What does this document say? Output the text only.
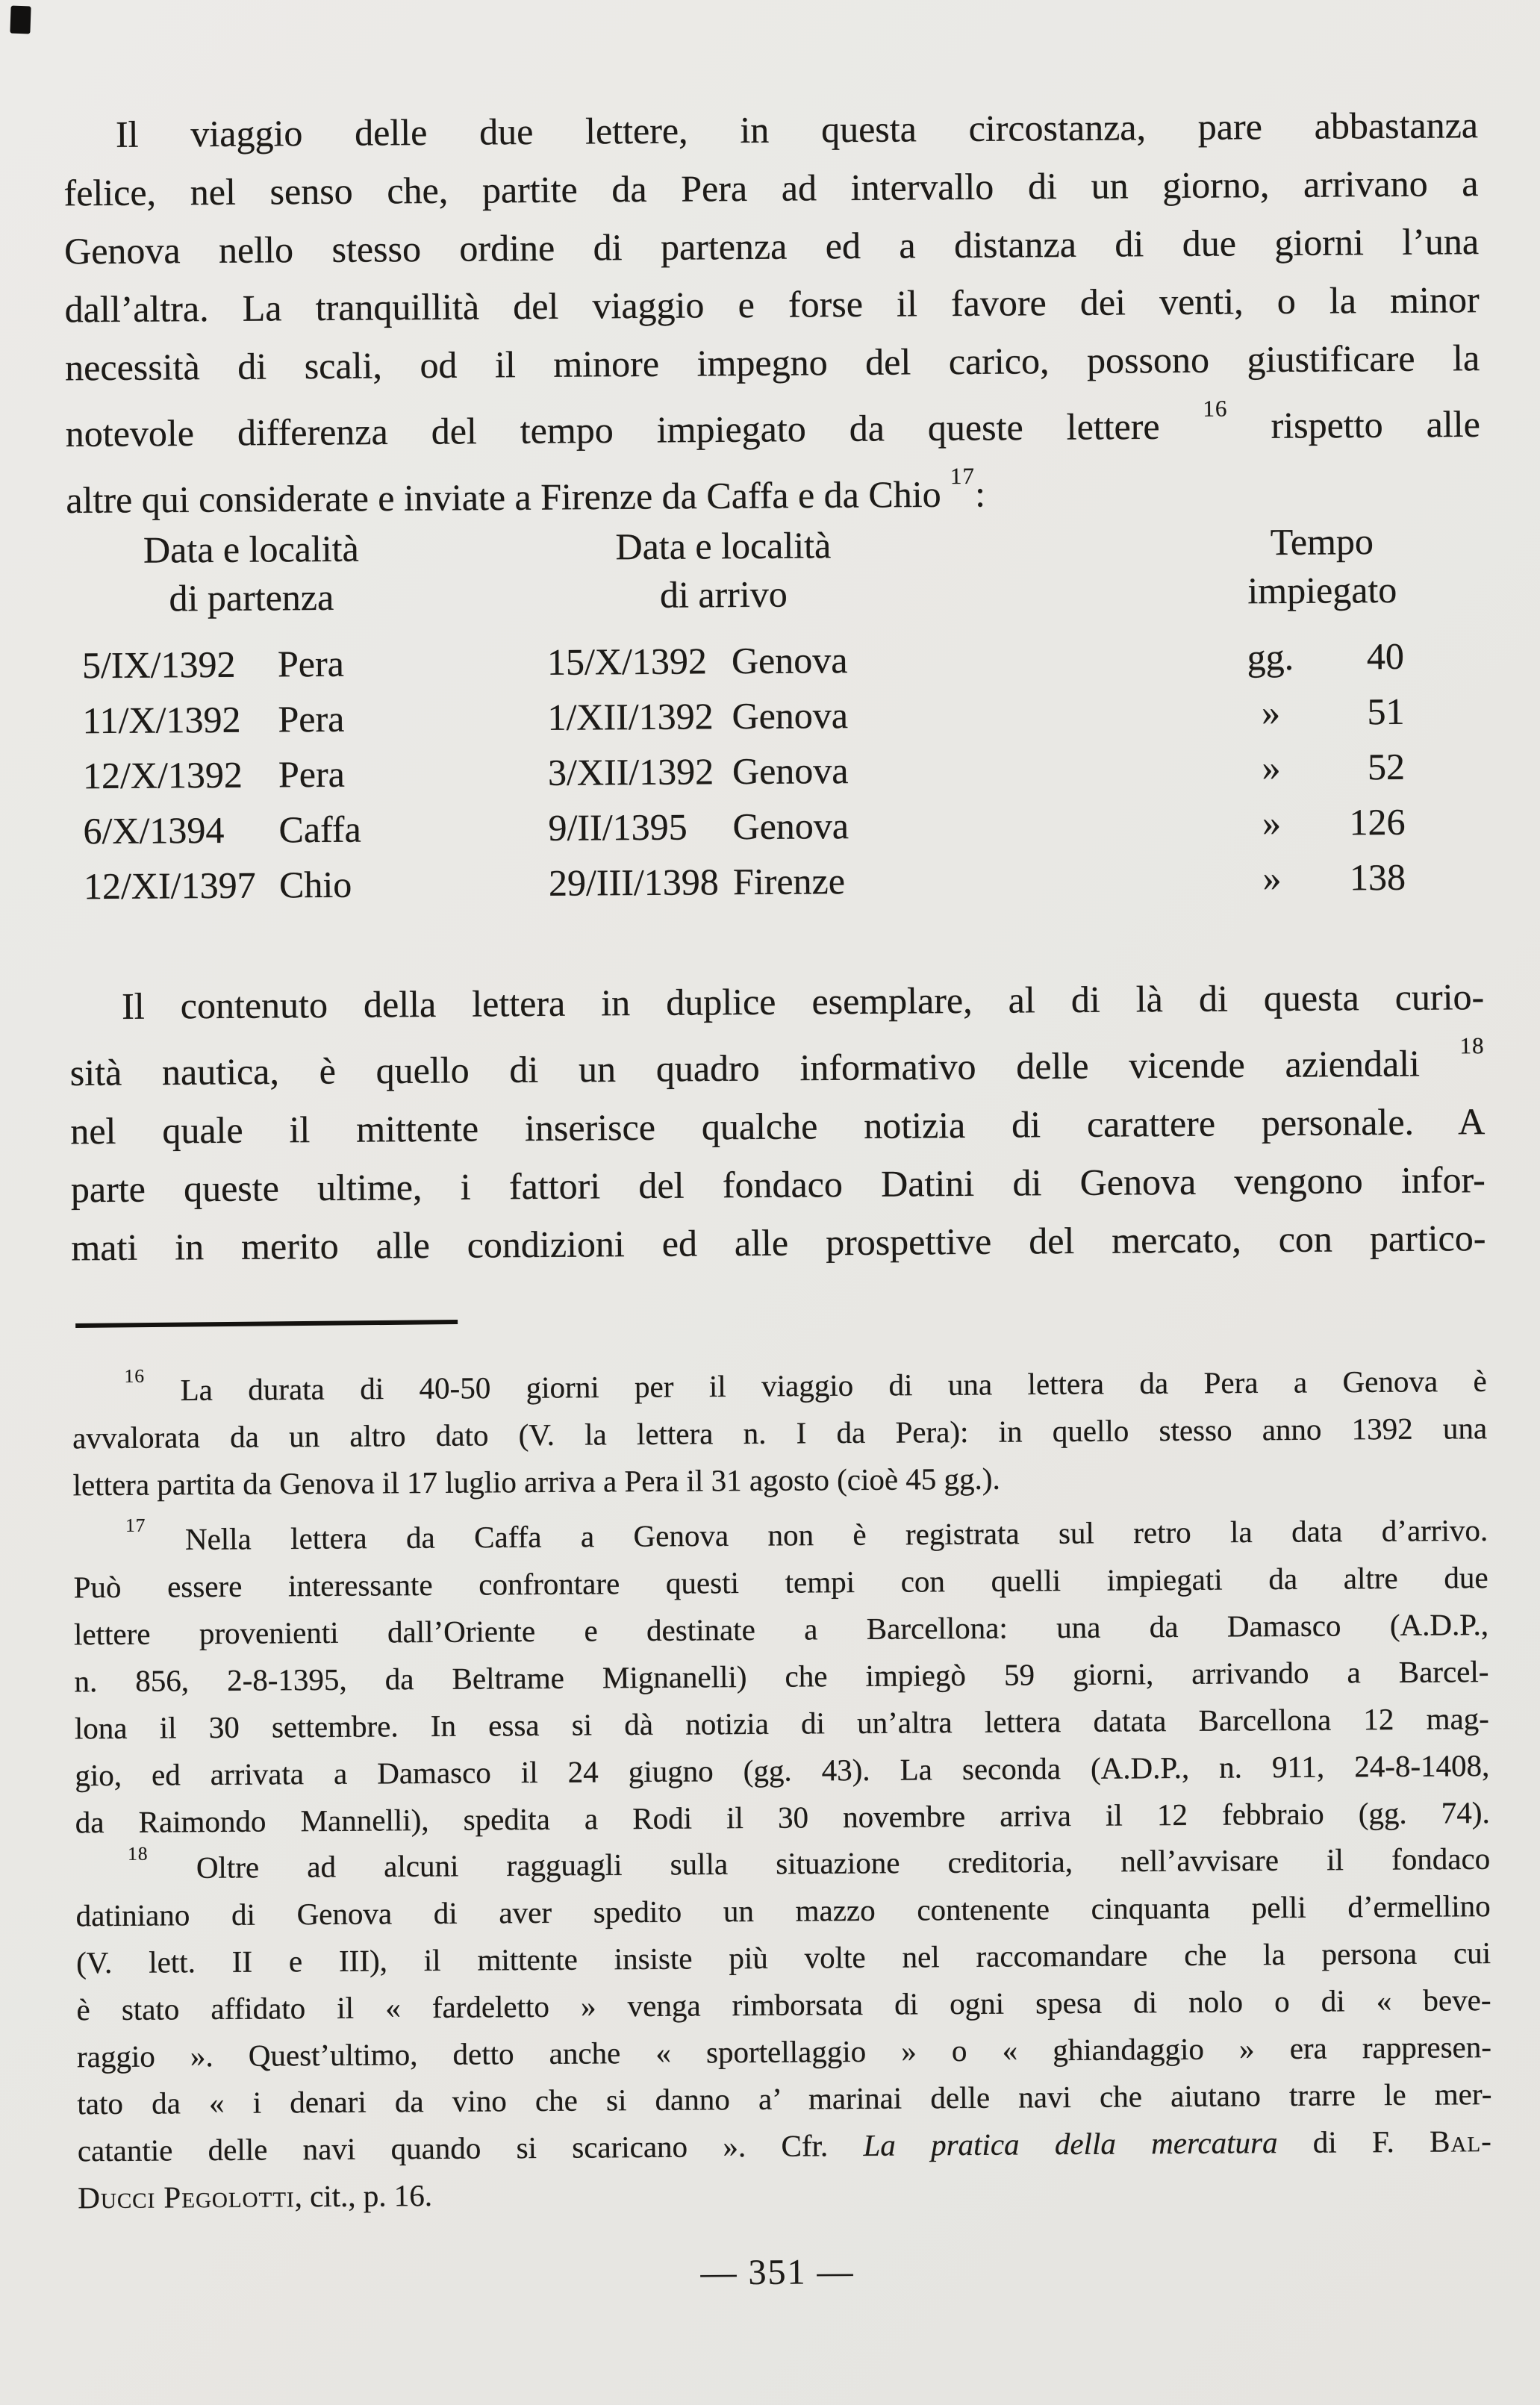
Il viaggio delle due lettere, in questa circostanza, pare abbastanza
felice, nel senso che, partite da Pera ad intervallo di un giorno, arrivano a
Genova nello stesso ordine di partenza ed a distanza di due giorni l’una
dall’altra. La tranquillità del viaggio e forse il favore dei venti, o la minor
necessità di scali, od il minore impegno del carico, possono giustificare la
notevole differenza del tempo impiegato da queste lettere $^{16}$ rispetto alle
altre qui considerate e inviate a Firenze da Caffa e da Chio $^{17}$:
Data e località
di partenza
Data e località
di arrivo
Tempo
impiegato
5/IX/1392 Pera	15/X/1392 Genova	gg.	40
11/X/1392 Pera	1/XII/1392 Genova	»	51
12/X/1392 Pera	3/XII/1392 Genova	»	52
6/X/1394 Caffa	9/II/1395 Genova	»	126
12/XI/1397 Chio	29/III/1398 Firenze	»	138
Il contenuto della lettera in duplice esemplare, al di là di questa curio-
sità nautica, è quello di un quadro informativo delle vicende aziendali $^{18}$
nel quale il mittente inserisce qualche notizia di carattere personale. A
parte queste ultime, i fattori del fondaco Datini di Genova vengono infor-
mati in merito alle condizioni ed alle prospettive del mercato, con partico-
$^{16}$ La durata di 40-50 giorni per il viaggio di una lettera da Pera a Genova è
avvalorata da un altro dato (V. la lettera n. I da Pera): in quello stesso anno 1392 una
lettera partita da Genova il 17 luglio arriva a Pera il 31 agosto (cioè 45 gg.).
$^{17}$ Nella lettera da Caffa a Genova non è registrata sul retro la data d’arrivo.
Può essere interessante confrontare questi tempi con quelli impiegati da altre due
lettere provenienti dall’Oriente e destinate a Barcellona: una da Damasco (A.D.P.,
n. 856, 2-8-1395, da Beltrame Mignanelli) che impiegò 59 giorni, arrivando a Barcel-
lona il 30 settembre. In essa si dà notizia di un’altra lettera datata Barcellona 12 mag-
gio, ed arrivata a Damasco il 24 giugno (gg. 43). La seconda (A.D.P., n. 911, 24-8-1408,
da Raimondo Mannelli), spedita a Rodi il 30 novembre arriva il 12 febbraio (gg. 74).
$^{18}$ Oltre ad alcuni ragguagli sulla situazione creditoria, nell’avvisare il fondaco
datiniano di Genova di aver spedito un mazzo contenente cinquanta pelli d’ermellino
(V. lett. II e III), il mittente insiste più volte nel raccomandare che la persona cui
è stato affidato il « fardeletto » venga rimborsata di ogni spesa di nolo o di « beve-
raggio ». Quest’ultimo, detto anche « sportellaggio » o « ghiandaggio » era rappresen-
tato da « i denari da vino che si danno a’ marinai delle navi che aiutano trarre le mer-
catantie delle navi quando si scaricano ». Cfr. La pratica della mercatura di F. Bal-
Ducci Pegolotti, cit., p. 16.
— 351 —
